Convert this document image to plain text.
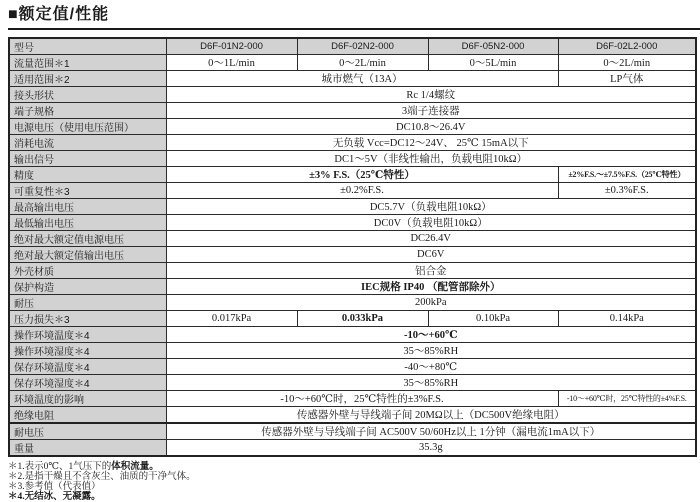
■额定值/性能
型号	D6F-01N2-000	D6F-02N2-000	D6F-05N2-000	D6F-02L2-000
流量范围＊1	0～1L/min	0～2L/min	0～5L/min	0～2L/min
适用范围＊2	城市燃气（13A）			LP气体
接头形状	Rc 1/4螺纹			
端子规格	3端子连接器			
电源电压（使用电压范围）	DC10.8～26.4V			
消耗电流	无负载 Vcc=DC12～24V、 25℃ 15mA以下			
输出信号	DC1～5V（非线性输出，负载电阻10kΩ）			
精度	±3% F.S.（25℃特性）			±2%F.S.～±7.5%F.S.（25℃特性）
可重复性＊3	±0.2%F.S.			±0.3%F.S.
最高输出电压	DC5.7V（负载电阻10kΩ）			
最低输出电压	DC0V（负载电阻10kΩ）			
绝对最大额定值电源电压	DC26.4V			
绝对最大额定值输出电压	DC6V			
外壳材质	铝合金			
保护构造	IEC规格 IP40 （配管部除外）			
耐压	200kPa			
压力损失＊3	0.017kPa	0.033kPa	0.10kPa	0.14kPa
操作环境温度＊4	-10～+60℃			
操作环境湿度＊4	35～85%RH			
保存环境温度＊4	-40～+80℃			
保存环境湿度＊4	35～85%RH			
环境温度的影响	-10～+60℃时，25℃特性的±3%F.S.			-10～+60℃时，25℃特性的±4%F.S.
绝缘电阻	传感器外壁与导线端子间 20MΩ以上（DC500V绝缘电阻）			
耐电压	传感器外壁与导线端子间 AC500V 50/60Hz以上 1分钟（漏电流1mA以下）			
重量	35.3g			
＊1.表示0℃、1气压下的体积流量。
＊2.是指干燥且不含灰尘、油质的干净气体。
＊3.参考值（代表值）
＊4.无结冰、无凝露。
